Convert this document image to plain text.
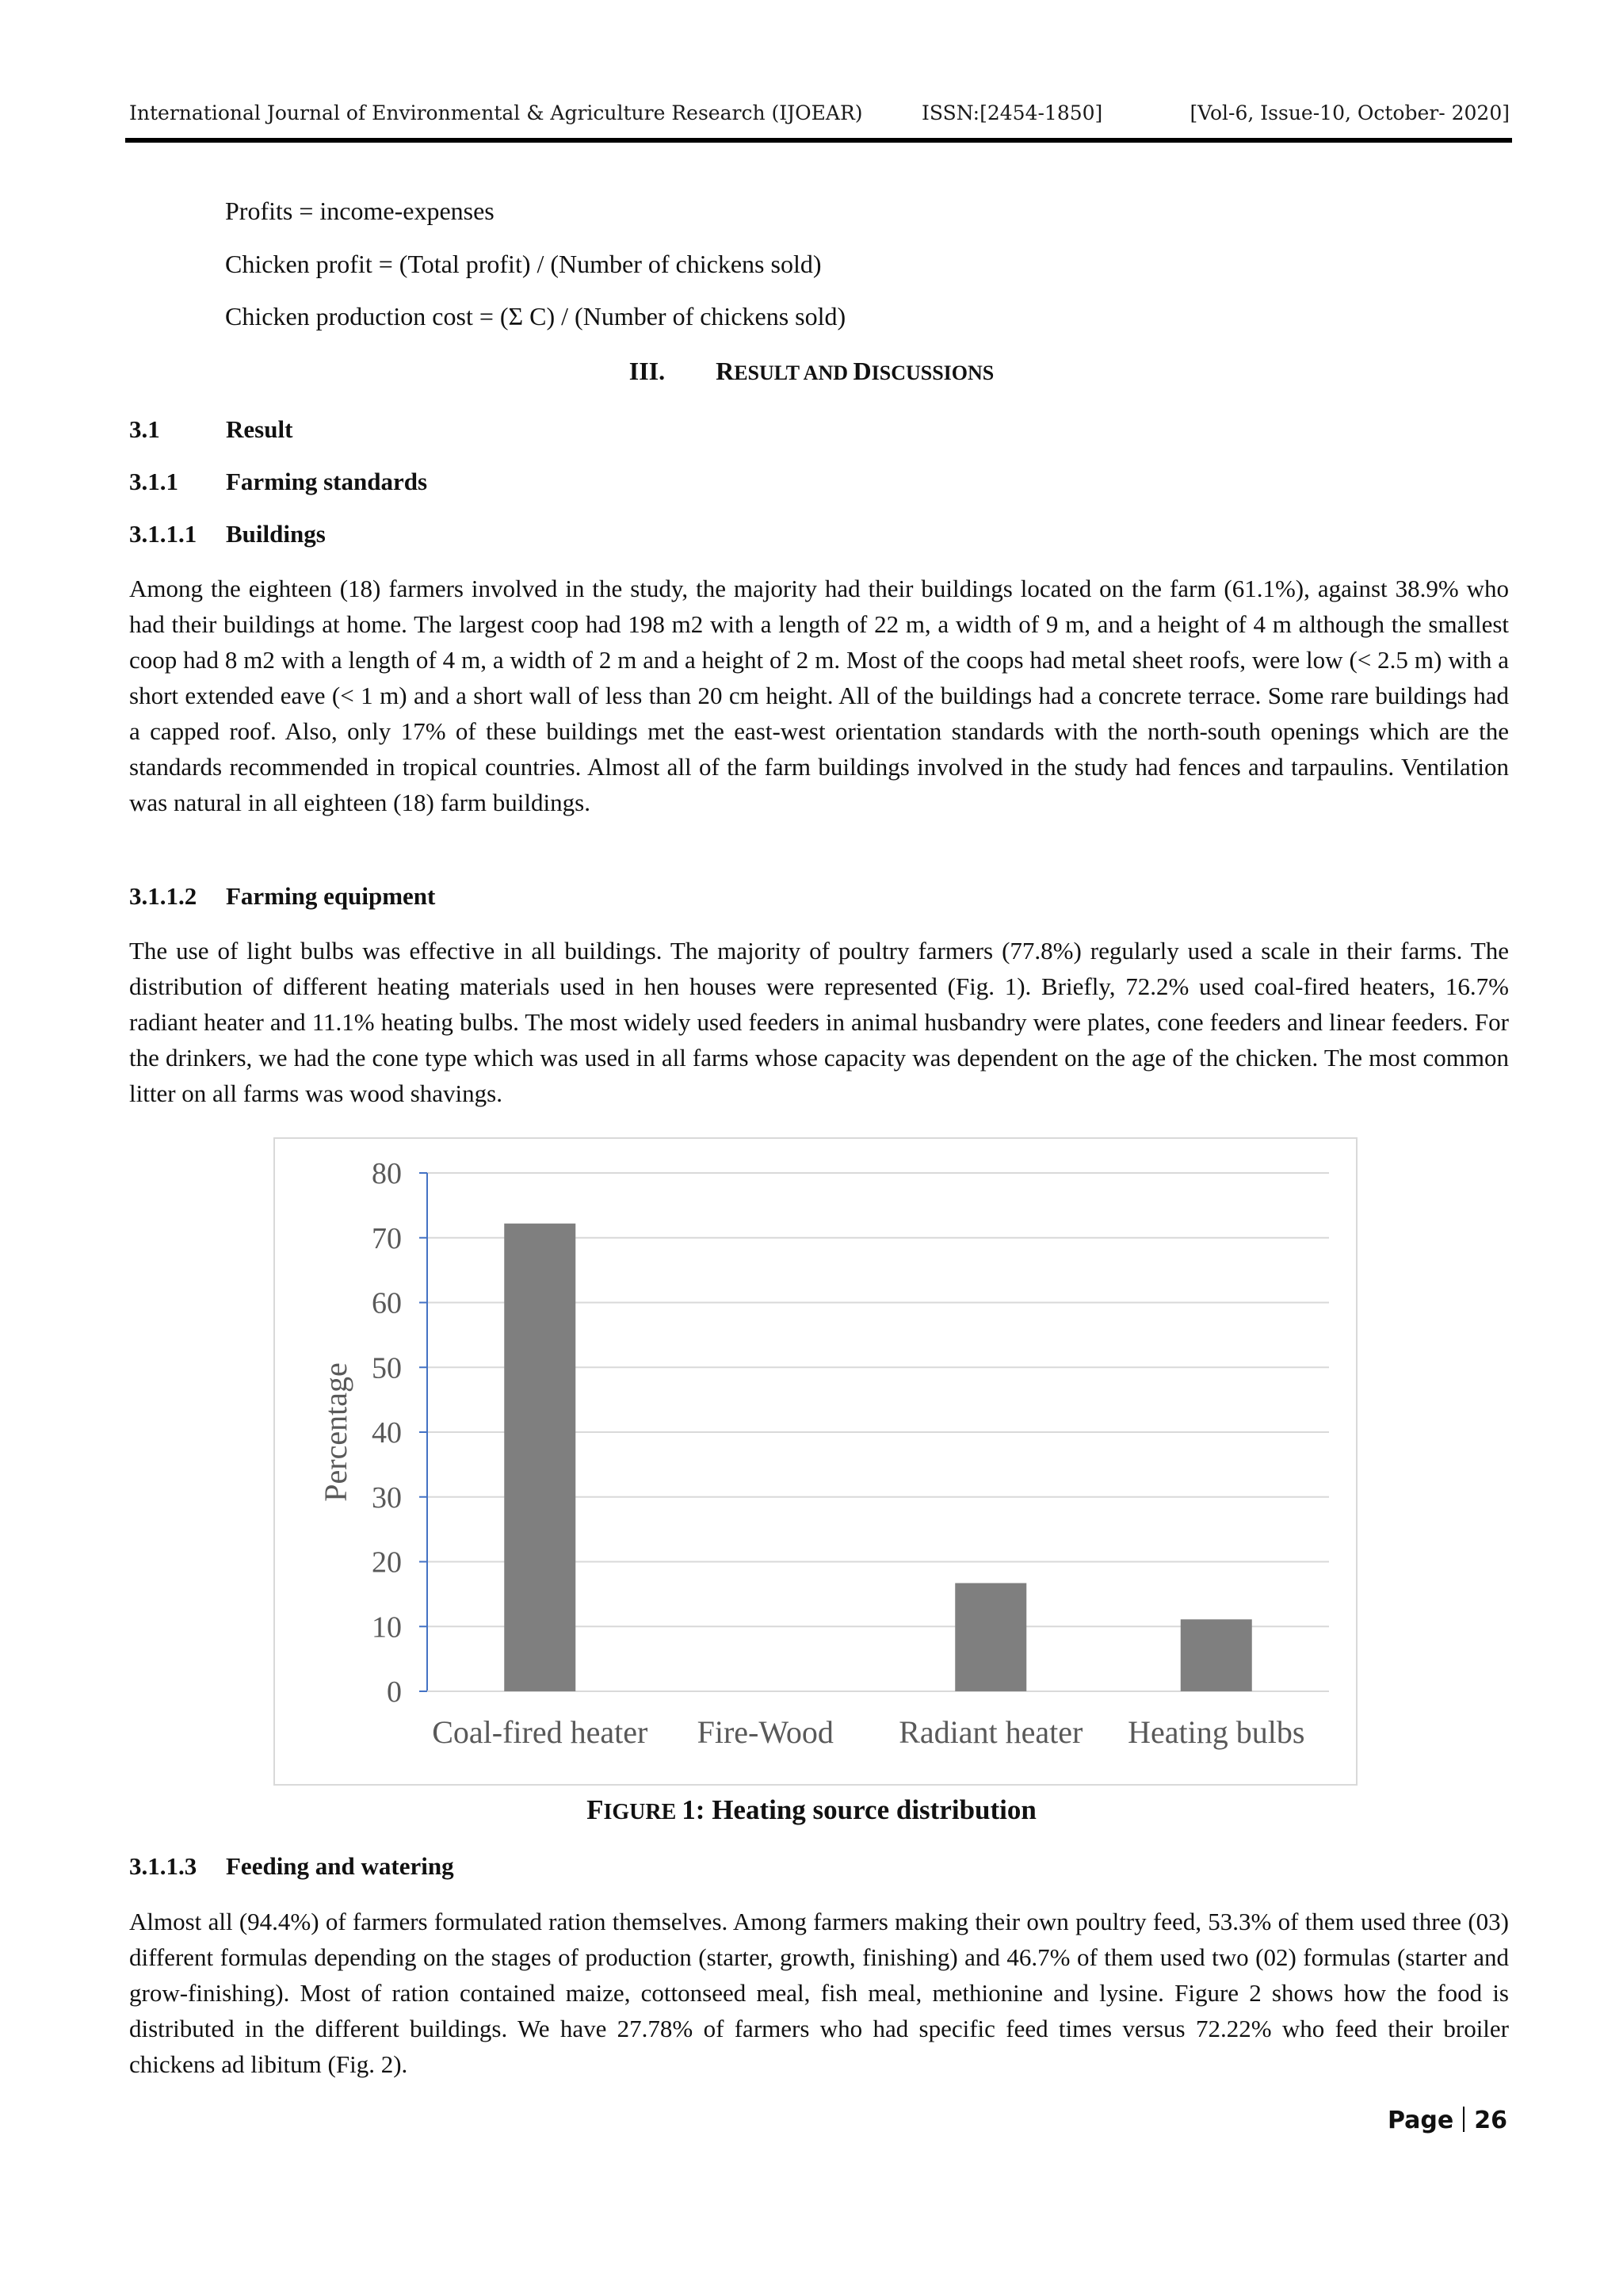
International Journal of Environmental & Agriculture Research (IJOEAR)	ISSN:[2454-1850]	[Vol-6, Issue-10, October- 2020]
Profits = income-expenses
Chicken profit = (Total profit) / (Number of chickens sold)
Chicken production cost = (Σ C) / (Number of chickens sold)
III. RESULT AND DISCUSSIONS
3.1	Result
3.1.1 Farming standards
3.1.1.1 Buildings
Among the eighteen (18) farmers involved in the study, the majority had their buildings located on the farm (61.1%), against 38.9% who had their buildings at home. The largest coop had 198 m2 with a length of 22 m, a width of 9 m, and a height of 4 m although the smallest coop had 8 m2 with a length of 4 m, a width of 2 m and a height of 2 m. Most of the coops had metal sheet roofs, were low (< 2.5 m) with a short extended eave (< 1 m) and a short wall of less than 20 cm height. All of the buildings had a concrete terrace. Some rare buildings had a capped roof. Also, only 17% of these buildings met the east-west orientation standards with the north-south openings which are the standards recommended in tropical countries. Almost all of the farm buildings involved in the study had fences and tarpaulins. Ventilation was natural in all eighteen (18) farm buildings.
3.1.1.2 Farming equipment
The use of light bulbs was effective in all buildings. The majority of poultry farmers (77.8%) regularly used a scale in their farms. The distribution of different heating materials used in hen houses were represented (Fig. 1). Briefly, 72.2% used coal-fired heaters, 16.7% radiant heater and 11.1% heating bulbs. The most widely used feeders in animal husbandry were plates, cone feeders and linear feeders. For the drinkers, we had the cone type which was used in all farms whose capacity was dependent on the age of the chicken. The most common litter on all farms was wood shavings.
0
10
20
30
40
50
60
70
80
Coal-fired heater Fire-Wood Radiant heater Heating bulbs
Percentage
FIGURE 1: Heating source distribution
3.1.1.3 Feeding and watering
Almost all (94.4%) of farmers formulated ration themselves. Among farmers making their own poultry feed, 53.3% of them used three (03) different formulas depending on the stages of production (starter, growth, finishing) and 46.7% of them used two (02) formulas (starter and grow-finishing). Most of ration contained maize, cottonseed meal, fish meal, methionine and lysine. Figure 2 shows how the food is distributed in the different buildings. We have 27.78% of farmers who had specific feed times versus 72.22% who feed their broiler chickens ad libitum (Fig. 2).
Page 26
